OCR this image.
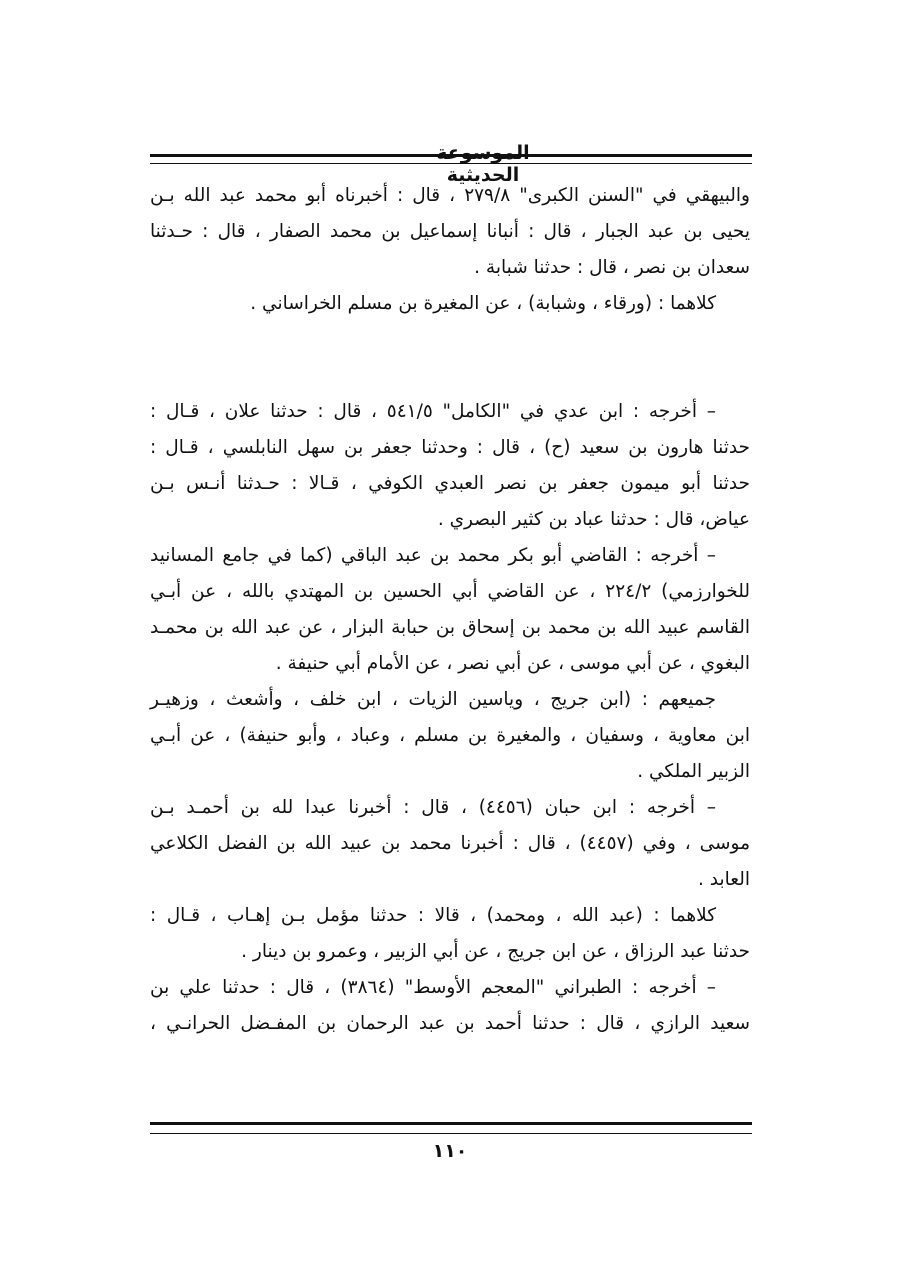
الموسوعة الحديثية
والبيهقي في "السنن الكبرى" ٢٧٩/٨ ، قال : أخبرناه أبو محمد عبد الله بـن
يحيى بن عبد الجبار ، قال : أنبانا إسماعيل بن محمد الصفار ، قال : حـدثنا
سعدان بن نصر ، قال : حدثنا شبابة .
كلاهما : (ورقاء ، وشبابة) ، عن المغيرة بن مسلم الخراساني .
– أخرجه : ابن عدي في "الكامل" ٥٤١/٥ ، قال : حدثنا علان ، قـال :
حدثنا هارون بن سعيد (ح) ، قال : وحدثنا جعفر بن سهل النابلسي ، قـال :
حدثنا أبو ميمون جعفر بن نصر العبدي الكوفي ، قـالا : حـدثنا أنـس بـن
عياض، قال : حدثنا عباد بن كثير البصري .
– أخرجه : القاضي أبو بكر محمد بن عبد الباقي (كما في جامع المسانيد
للخوارزمي) ٢٢٤/٢ ، عن القاضي أبي الحسين بن المهتدي بالله ، عن أبـي
القاسم عبيد الله بن محمد بن إسحاق بن حبابة البزار ، عن عبد الله بن محمـد
البغوي ، عن أبي موسى ، عن أبي نصر ، عن الأمام أبي حنيفة .
جميعهم : (ابن جريج ، وياسين الزيات ، ابن خلف ، وأشعث ، وزهيـر
ابن معاوية ، وسفيان ، والمغيرة بن مسلم ، وعباد ، وأبو حنيفة) ، عن أبـي
الزبير الملكي .
– أخرجه : ابن حبان (٤٤٥٦) ، قال : أخبرنا عبدا لله بن أحمـد بـن
موسى ، وفي (٤٤٥٧) ، قال : أخبرنا محمد بن عبيد الله بن الفضل الكلاعي
العابد .
كلاهما : (عبد الله ، ومحمد) ، قالا : حدثنا مؤمل بـن إهـاب ، قـال :
حدثنا عبد الرزاق ، عن ابن جريج ، عن أبي الزبير ، وعمرو بن دينار .
– أخرجه : الطبراني "المعجم الأوسط" (٣٨٦٤) ، قال : حدثنا علي بن
سعيد الرازي ، قال : حدثنا أحمد بن عبد الرحمان بن المفـضل الحرانـي ،
١١٠
